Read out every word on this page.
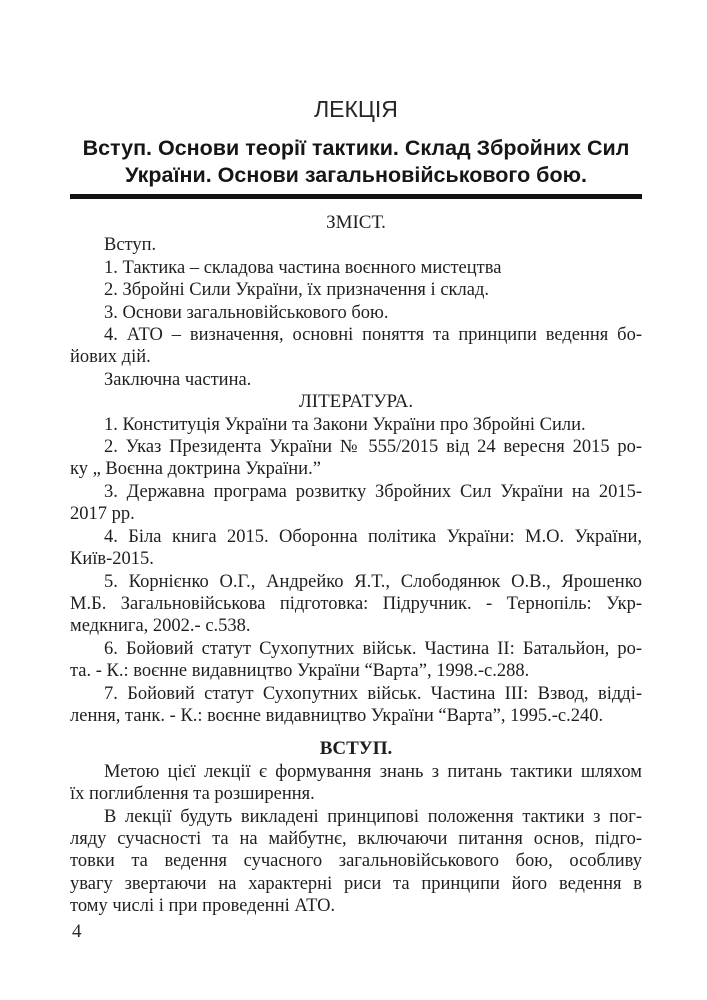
ЛЕКЦІЯ
Вступ. Основи теорії тактики. Склад Збройних Сил
України. Основи загальновійськового бою.
ЗМІСТ.
Вступ.
1. Тактика – складова частина воєнного мистецтва
2. Збройні Сили України, їх призначення і склад.
3. Основи загальновійськового бою.
4. АТО – визначення, основні поняття та принципи ведення бо-
йових дій.
Заключна частина.
ЛІТЕРАТУРА.
1. Конституція України та Закони України про Збройні Сили.
2. Указ Президента України № 555/2015 від 24 вересня 2015 ро-
ку „ Воєнна доктрина України.”
3. Державна програма розвитку Збройних Сил України на 2015-
2017 рр.
4. Біла книга 2015. Оборонна політика України: М.О. України,
Київ-2015.
5. Корнієнко О.Г., Андрейко Я.Т., Слободянюк О.В., Ярошенко
М.Б. Загальновійськова підготовка: Підручник. - Тернопіль: Укр-
медкнига, 2002.- с.538.
6. Бойовий статут Сухопутних військ. Частина ІІ: Батальйон, ро-
та. - К.: воєнне видавництво України “Варта”, 1998.-с.288.
7. Бойовий статут Сухопутних військ. Частина ІІІ: Взвод, відді-
лення, танк. - К.: воєнне видавництво України “Варта”, 1995.-с.240.
ВСТУП.
Метою цієї лекції є формування знань з питань тактики шляхом
їх поглиблення та розширення.
В лекції будуть викладені принципові положення тактики з пог-
ляду сучасності та на майбутнє, включаючи питання основ, підго-
товки та ведення сучасного загальновійськового бою, особливу
увагу звертаючи на характерні риси та принципи його ведення в
тому числі і при проведенні АТО.
4
